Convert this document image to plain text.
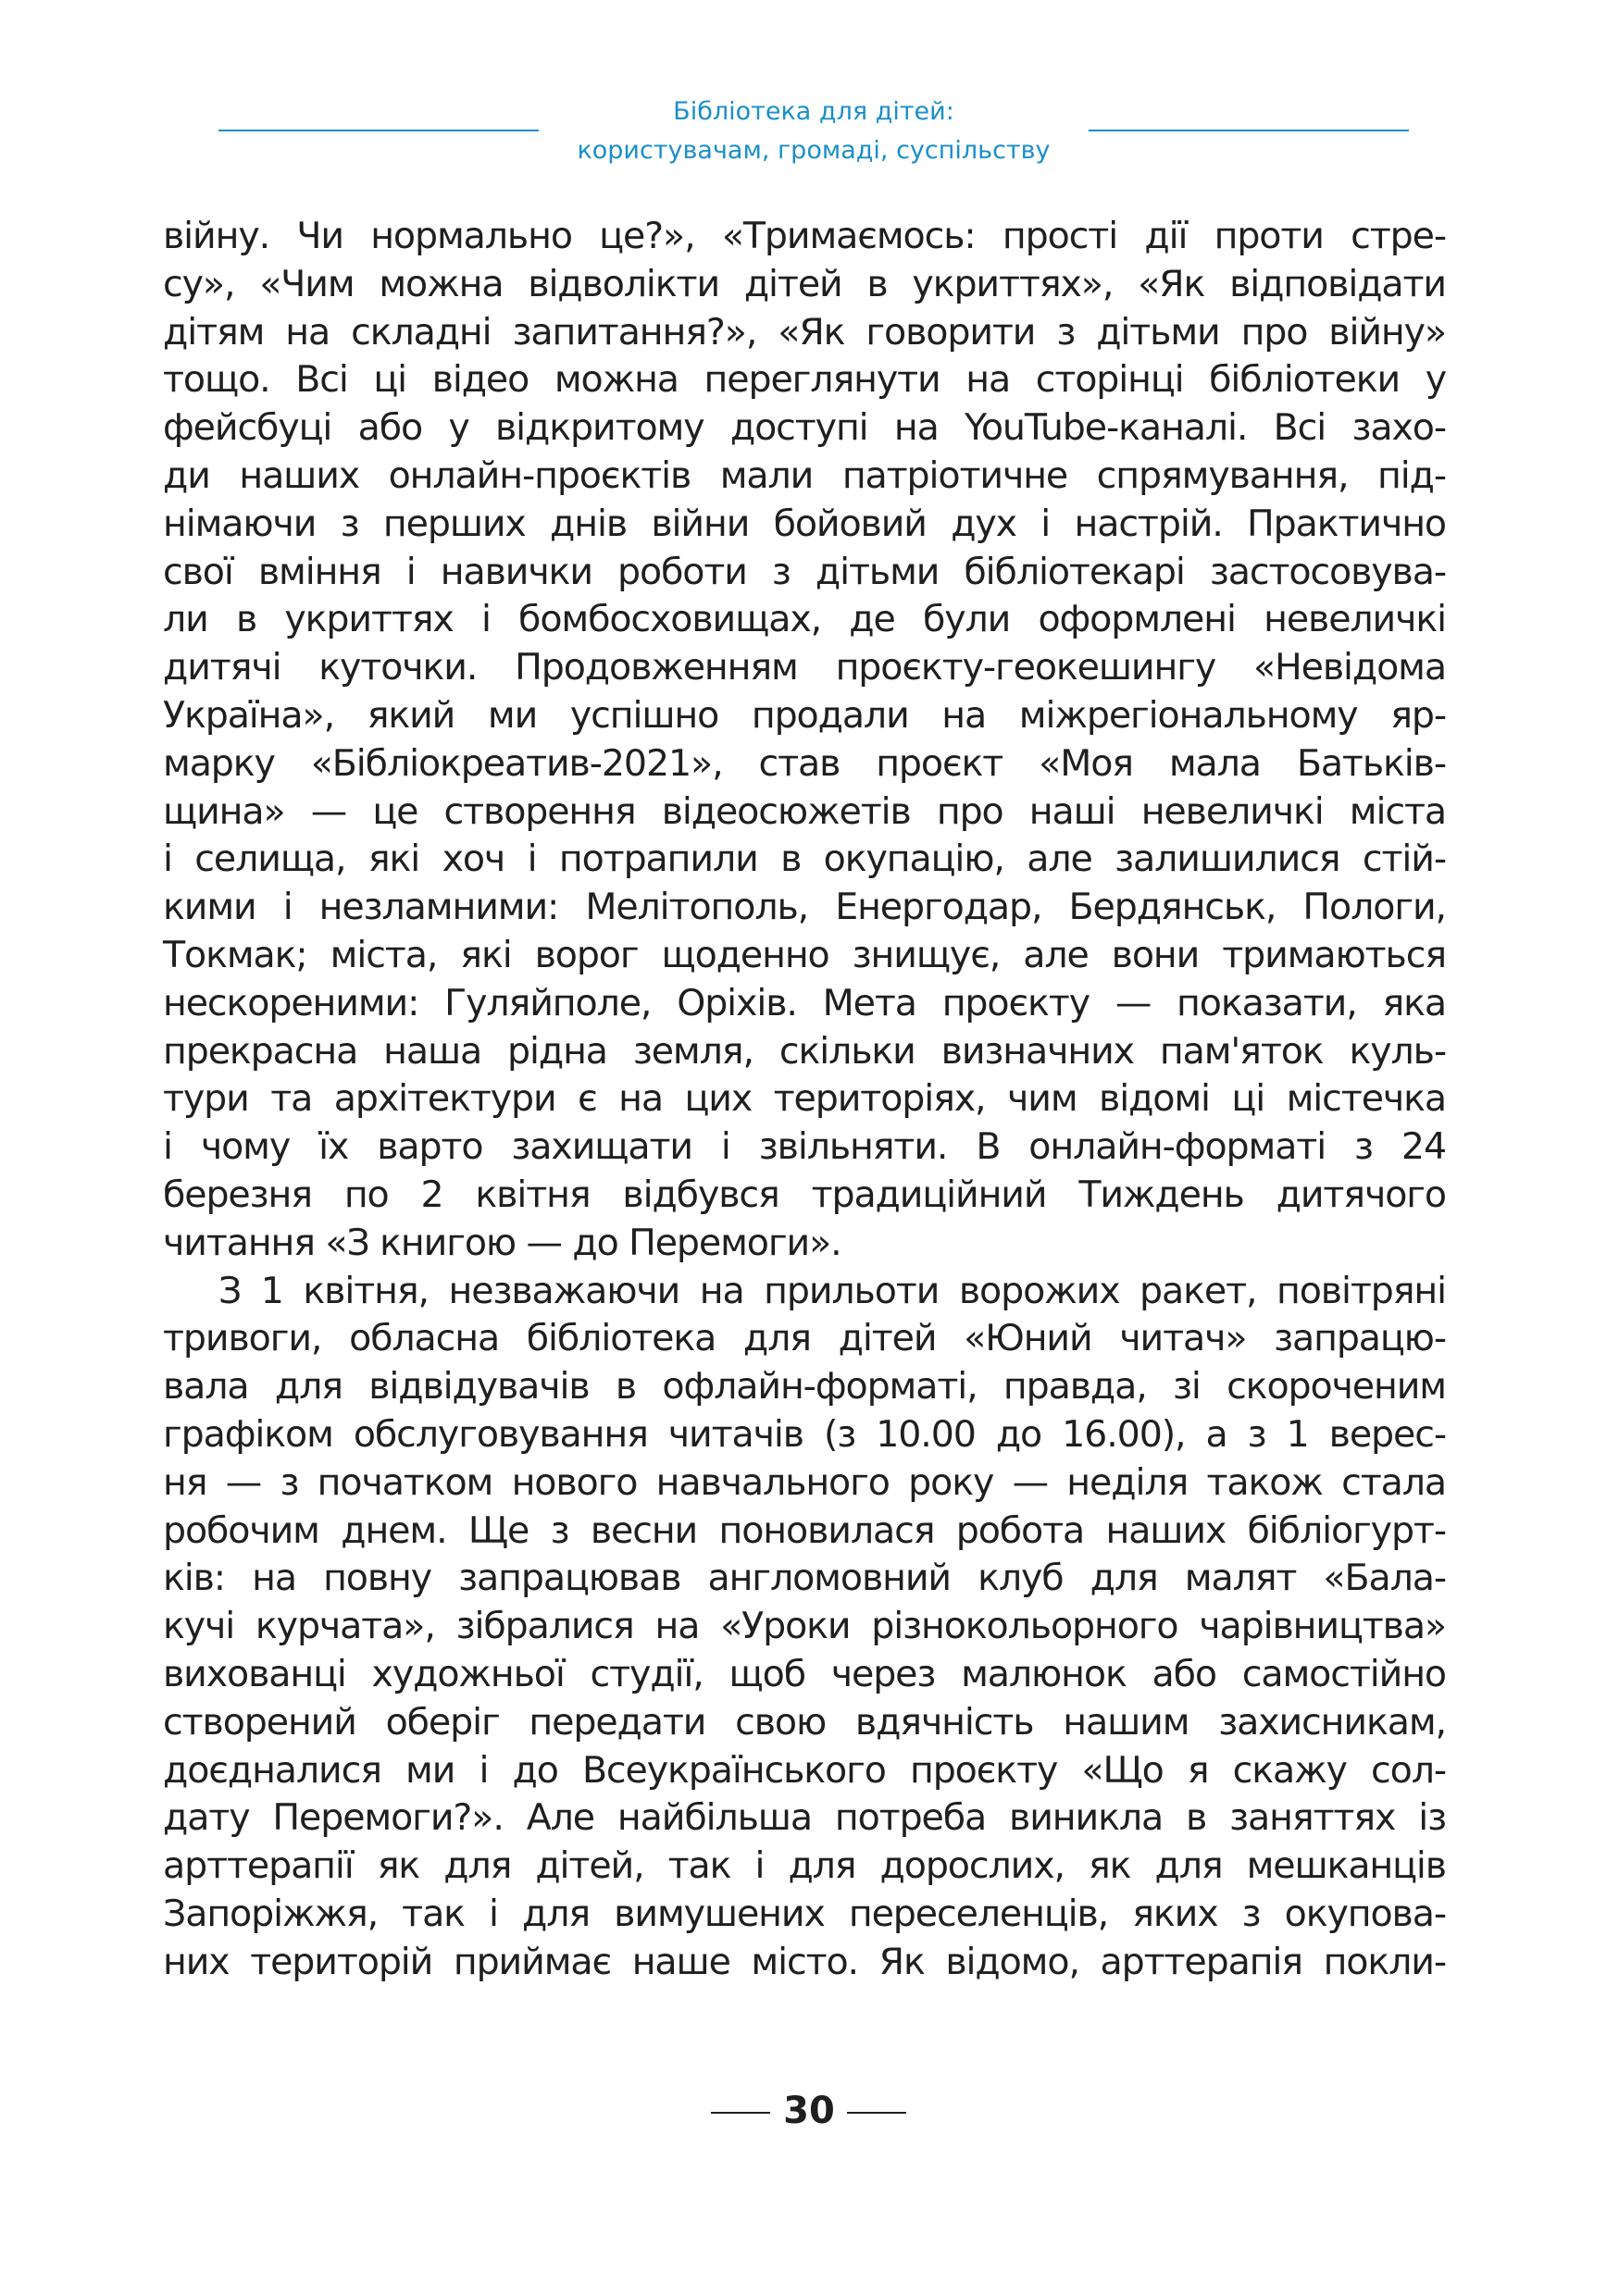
Бібліотека для дітей:
користувачам, громаді, суспільству
війну. Чи нормально це?», «Тримаємось: прості дії проти стре-
су», «Чим можна відволікти дітей в укриттях», «Як відповідати
дітям на складні запитання?», «Як говорити з дітьми про війну»
тощо. Всі ці відео можна переглянути на сторінці бібліотеки у
фейсбуці або у відкритому доступі на YouTube-каналі. Всі захо-
ди наших онлайн-проєктів мали патріотичне спрямування, під-
німаючи з перших днів війни бойовий дух і настрій. Практично
свої вміння і навички роботи з дітьми бібліотекарі застосовува-
ли в укриттях і бомбосховищах, де були оформлені невеличкі
дитячі куточки. Продовженням проєкту-геокешингу «Невідома
Україна», який ми успішно продали на міжрегіональному яр-
марку «Бібліокреатив-2021», став проєкт «Моя мала Батьків-
щина» — це створення відеосюжетів про наші невеличкі міста
і селища, які хоч і потрапили в окупацію, але залишилися стій-
кими і незламними: Мелітополь, Енергодар, Бердянськ, Пологи,
Токмак; міста, які ворог щоденно знищує, але вони тримаються
нескореними: Гуляйполе, Оріхів. Мета проєкту — показати, яка
прекрасна наша рідна земля, скільки визначних пам'яток куль-
тури та архітектури є на цих територіях, чим відомі ці містечка
і чому їх варто захищати і звільняти. В онлайн-форматі з 24
березня по 2 квітня відбувся традиційний Тиждень дитячого
читання «З книгою — до Перемоги».
З 1 квітня, незважаючи на прильоти ворожих ракет, повітряні
тривоги, обласна бібліотека для дітей «Юний читач» запрацю-
вала для відвідувачів в офлайн-форматі, правда, зі скороченим
графіком обслуговування читачів (з 10.00 до 16.00), а з 1 верес-
ня — з початком нового навчального року — неділя також стала
робочим днем. Ще з весни поновилася робота наших бібліогурт-
ків: на повну запрацював англомовний клуб для малят «Бала-
кучі курчата», зібралися на «Уроки різнокольорного чарівництва»
вихованці художньої студії, щоб через малюнок або самостійно
створений оберіг передати свою вдячність нашим захисникам,
доєдналися ми і до Всеукраїнського проєкту «Що я скажу сол-
дату Перемоги?». Але найбільша потреба виникла в заняттях із
арттерапії як для дітей, так і для дорослих, як для мешканців
Запоріжжя, так і для вимушених переселенців, яких з окупова-
них територій приймає наше місто. Як відомо, арттерапія покли-
30
